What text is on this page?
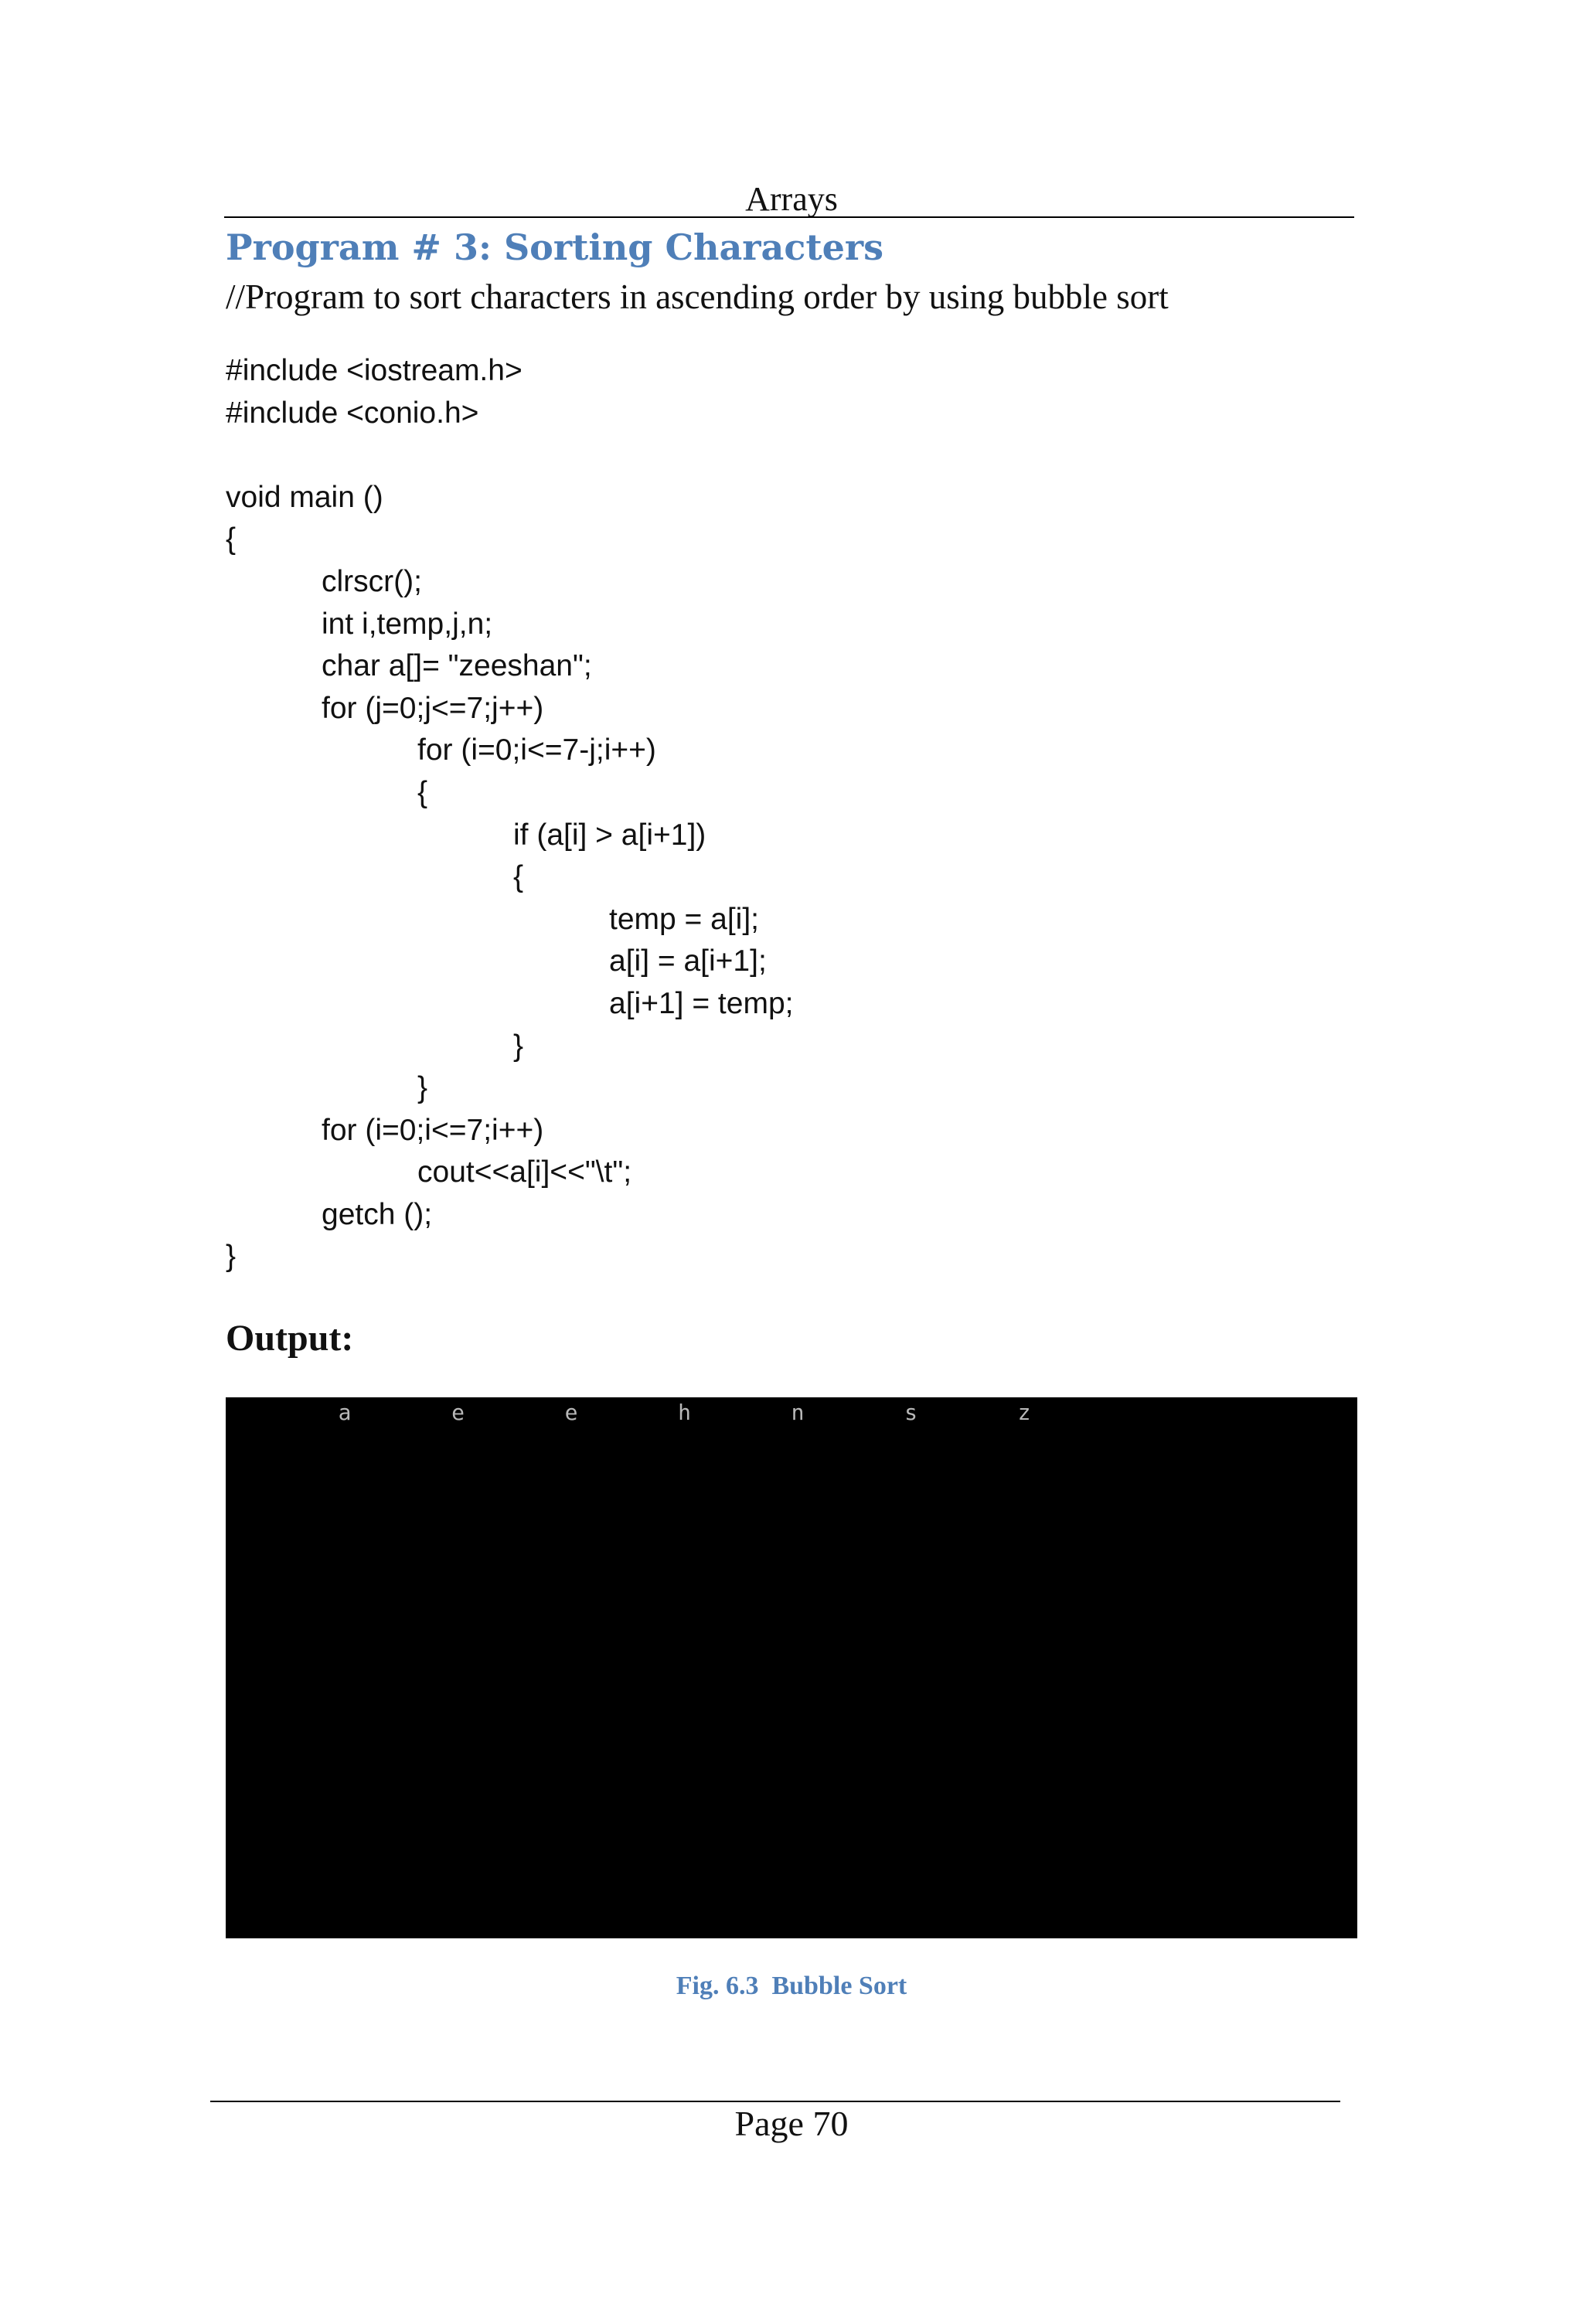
Arrays
Program # 3: Sorting Characters
//Program to sort characters in ascending order by using bubble sort
#include <iostream.h>
#include <conio.h>
void main ()
{
clrscr();
int i,temp,j,n;
char a[]= "zeeshan";
for (j=0;j<=7;j++)
for (i=0;i<=7-j;i++)
{
if (a[i] > a[i+1])
{
temp = a[i];
a[i] = a[i+1];
a[i+1] = temp;
}
}
for (i=0;i<=7;i++)
cout<<a[i]<<"\t";
getch ();
}
Output:
a	e	e	h	n	s	z
Fig. 6.3  Bubble Sort
Page 70
